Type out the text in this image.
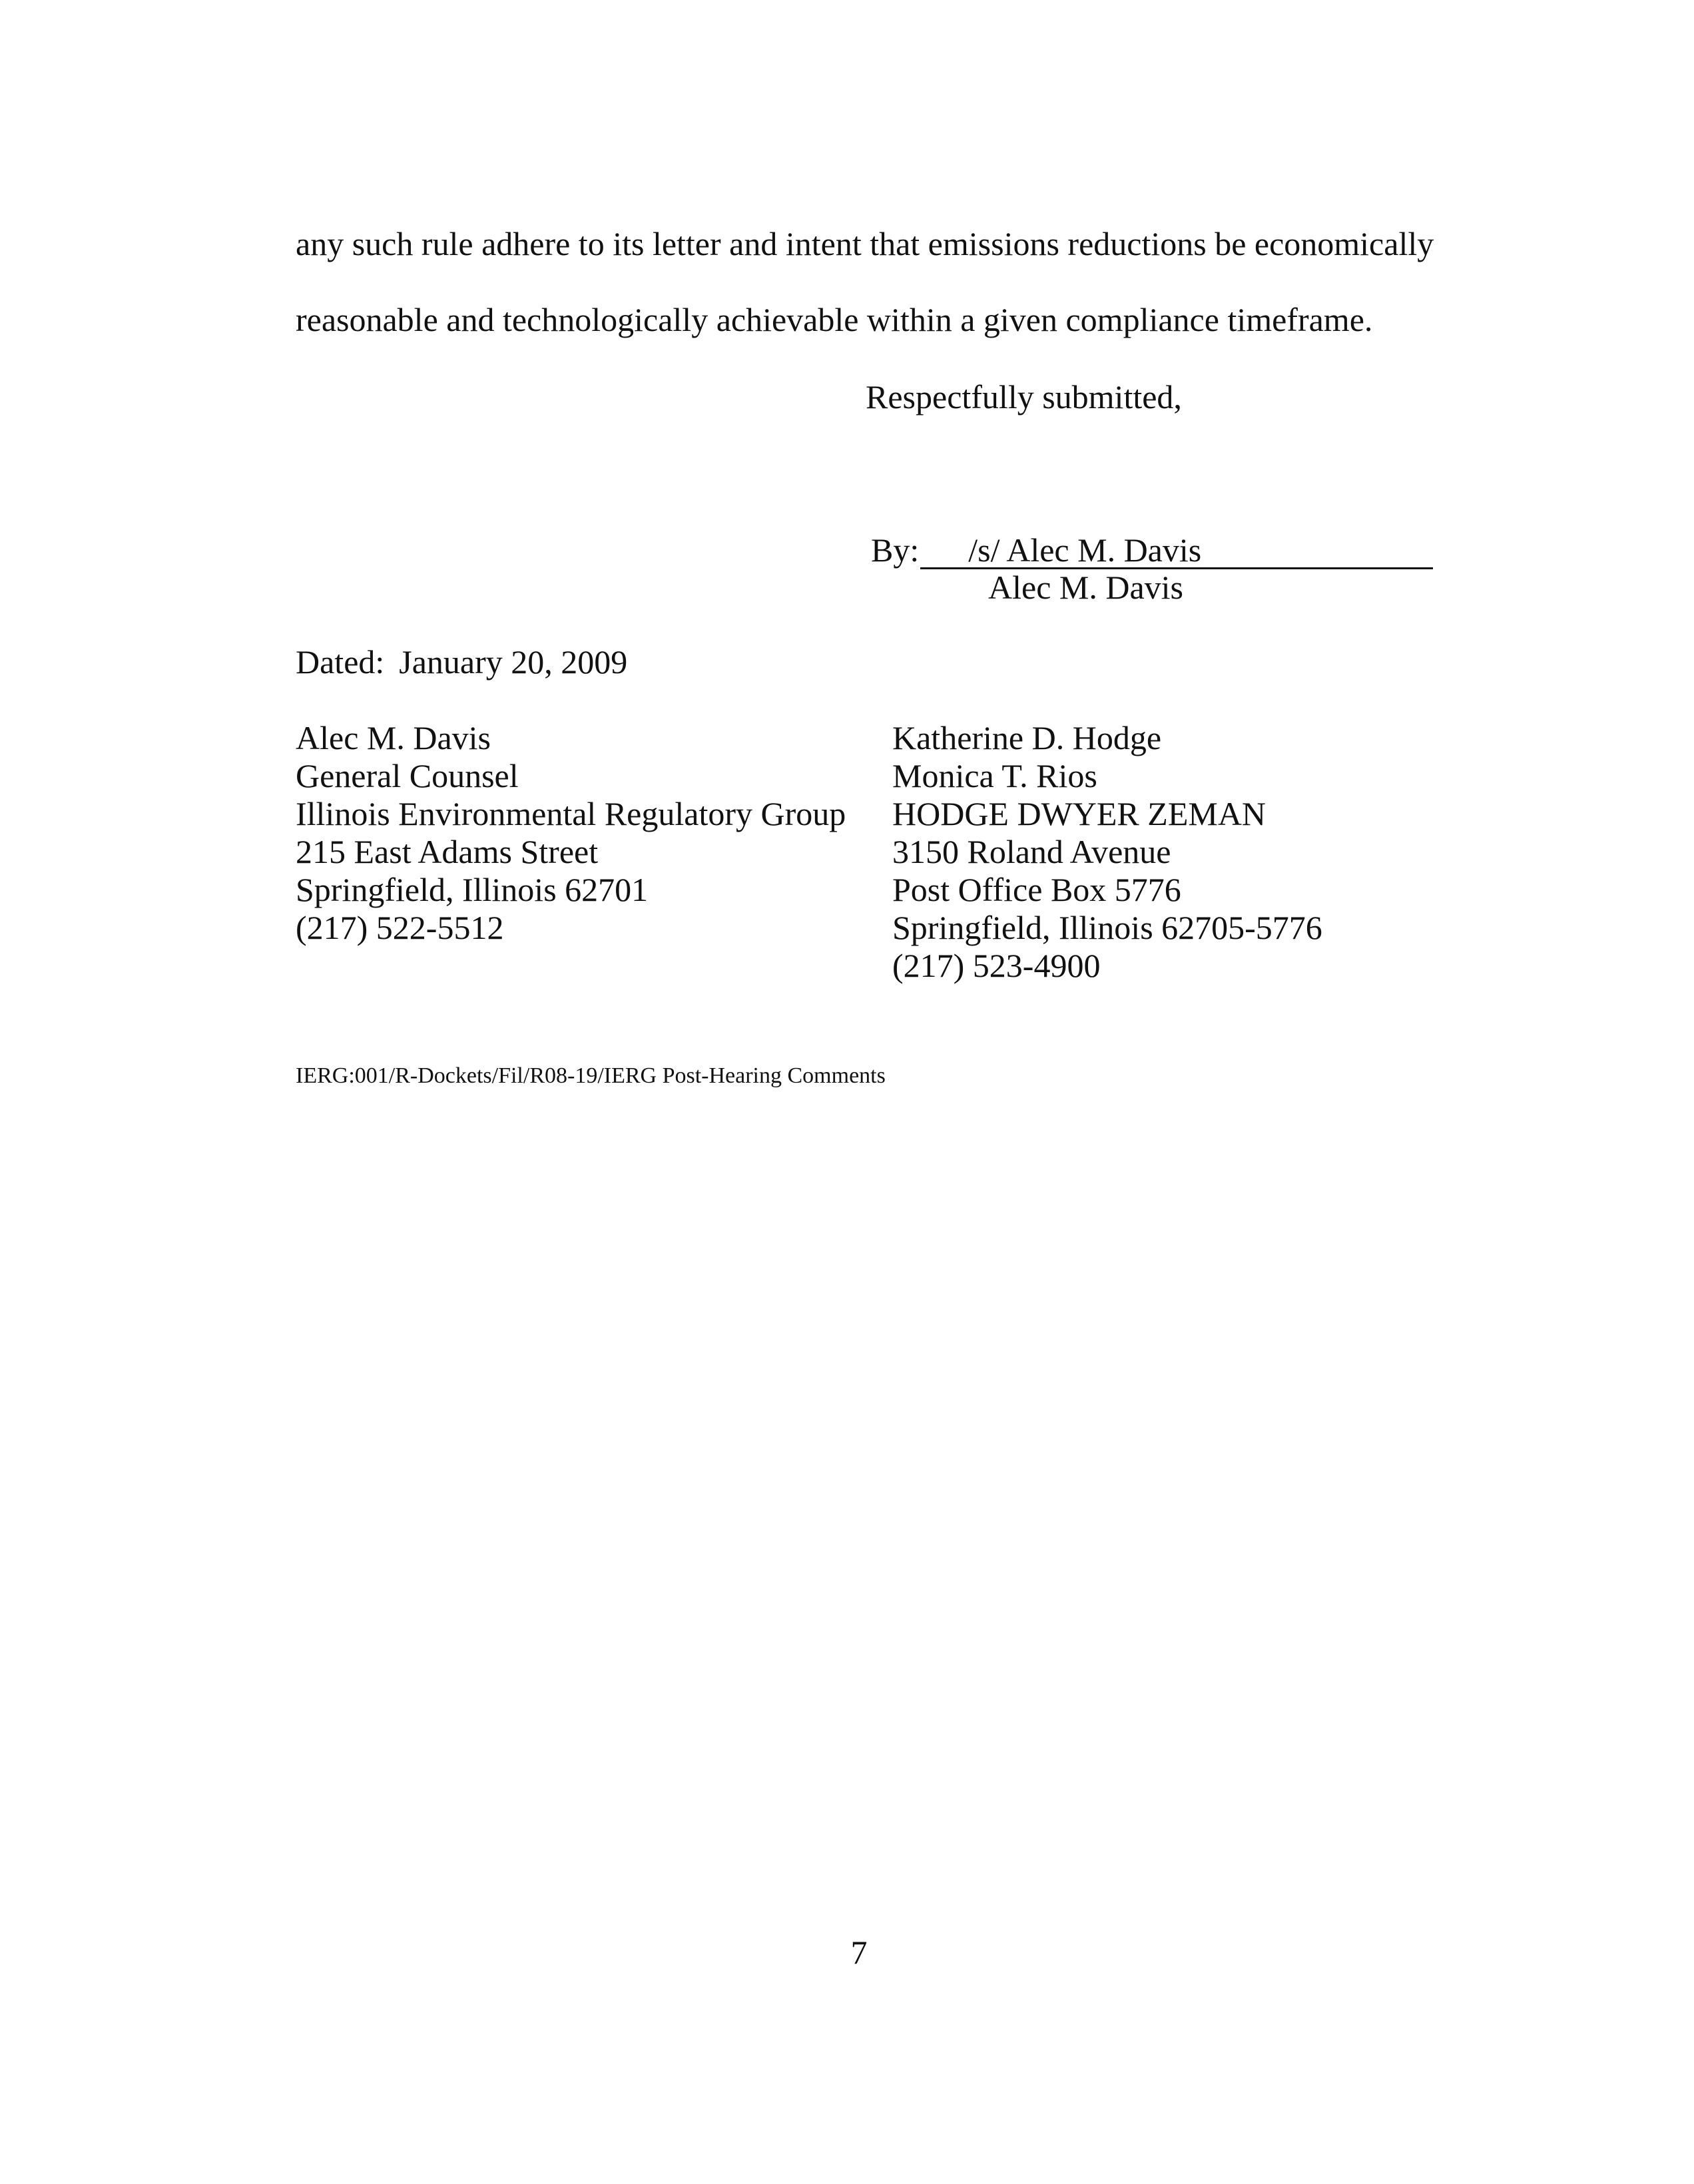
any such rule adhere to its letter and intent that emissions reductions be economically
reasonable and technologically achievable within a given compliance timeframe.
Respectfully submitted,
By: /s/ Alec M. Davis
Alec M. Davis
Dated: January 20, 2009
Alec M. Davis
General Counsel
Illinois Environmental Regulatory Group
215 East Adams Street
Springfield, Illinois 62701
(217) 522-5512
Katherine D. Hodge
Monica T. Rios
HODGE DWYER ZEMAN
3150 Roland Avenue
Post Office Box 5776
Springfield, Illinois 62705-5776
(217) 523-4900
IERG:001/R-Dockets/Fil/R08-19/IERG Post-Hearing Comments
7
